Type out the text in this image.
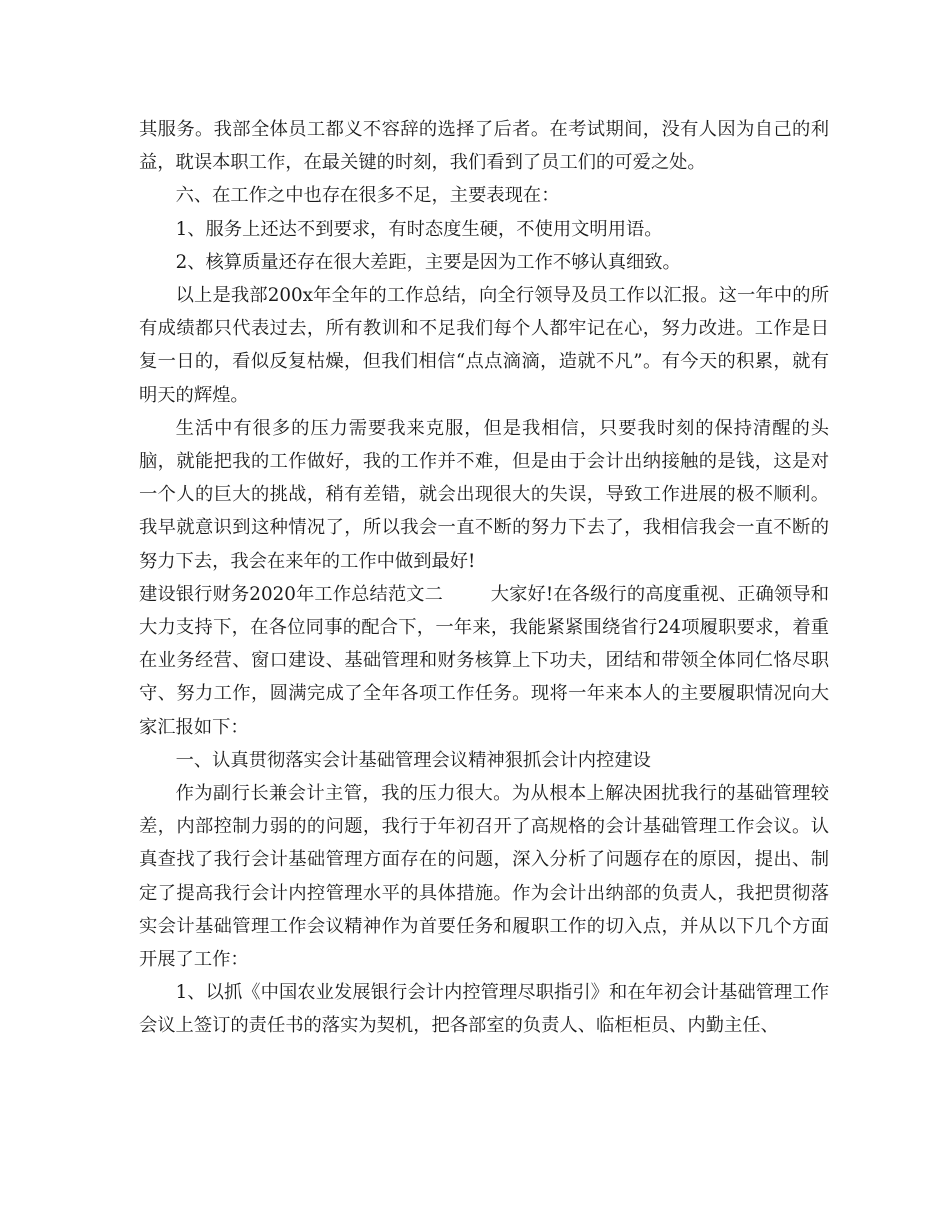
其服务。我部全体员工都义不容辞的选择了后者。在考试期间，没有人因为自己的利益，耽误本职工作，在最关键的时刻，我们看到了员工们的可爱之处。

六、在工作之中也存在很多不足，主要表现在：

1、服务上还达不到要求，有时态度生硬，不使用文明用语。

2、核算质量还存在很大差距，主要是因为工作不够认真细致。

以上是我部200x年全年的工作总结，向全行领导及员工作以汇报。这一年中的所有成绩都只代表过去，所有教训和不足我们每个人都牢记在心，努力改进。工作是日复一日的，看似反复枯燥，但我们相信“点点滴滴，造就不凡”。有今天的积累，就有明天的辉煌。

生活中有很多的压力需要我来克服，但是我相信，只要我时刻的保持清醒的头脑，就能把我的工作做好，我的工作并不难，但是由于会计出纳接触的是钱，这是对一个人的巨大的挑战，稍有差错，就会出现很大的失误，导致工作进展的极不顺利。我早就意识到这种情况了，所以我会一直不断的努力下去了，我相信我会一直不断的努力下去，我会在来年的工作中做到最好!

建设银行财务2020年工作总结范文二	大家好!在各级行的高度重视、正确领导和大力支持下，在各位同事的配合下，一年来，我能紧紧围绕省行24项履职要求，着重在业务经营、窗口建设、基础管理和财务核算上下功夫，团结和带领全体同仁恪尽职守、努力工作，圆满完成了全年各项工作任务。现将一年来本人的主要履职情况向大家汇报如下：

一、认真贯彻落实会计基础管理会议精神狠抓会计内控建设

作为副行长兼会计主管，我的压力很大。为从根本上解决困扰我行的基础管理较差，内部控制力弱的的问题，我行于年初召开了高规格的会计基础管理工作会议。认真查找了我行会计基础管理方面存在的问题，深入分析了问题存在的原因，提出、制定了提高我行会计内控管理水平的具体措施。作为会计出纳部的负责人，我把贯彻落实会计基础管理工作会议精神作为首要任务和履职工作的切入点，并从以下几个方面开展了工作：

1、以抓《中国农业发展银行会计内控管理尽职指引》和在年初会计基础管理工作会议上签订的责任书的落实为契机，把各部室的负责人、临柜柜员、内勤主任、
